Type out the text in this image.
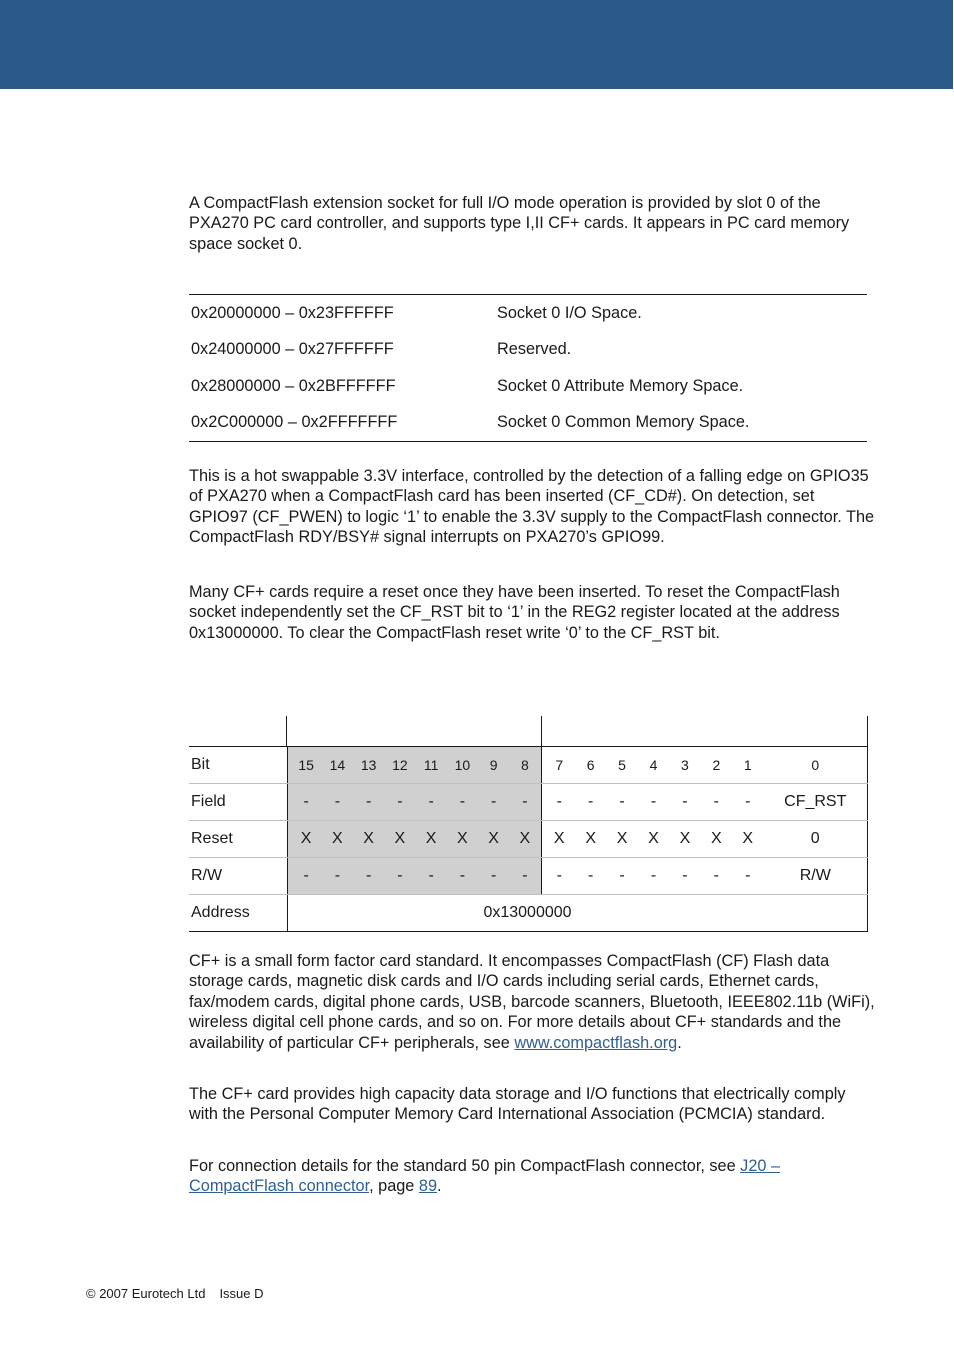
A CompactFlash extension socket for full I/O mode operation is provided by slot 0 of the PXA270 PC card controller, and supports type I,II CF+ cards. It appears in PC card memory space socket 0.

0x20000000 – 0x23FFFFFF	Socket 0 I/O Space.
0x24000000 – 0x27FFFFFF	Reserved.
0x28000000 – 0x2BFFFFFF	Socket 0 Attribute Memory Space.
0x2C000000 – 0x2FFFFFFF	Socket 0 Common Memory Space.

This is a hot swappable 3.3V interface, controlled by the detection of a falling edge on GPIO35 of PXA270 when a CompactFlash card has been inserted (CF_CD#). On detection, set GPIO97 (CF_PWEN) to logic ‘1’ to enable the 3.3V supply to the CompactFlash connector. The CompactFlash RDY/BSY# signal interrupts on PXA270’s GPIO99.

Many CF+ cards require a reset once they have been inserted. To reset the CompactFlash socket independently set the CF_RST bit to ‘1’ in the REG2 register located at the address 0x13000000. To clear the CompactFlash reset write ‘0’ to the CF_RST bit.

Bit	15	14	13	12	11	10	9	8	7	6	5	4	3	2	1	0
Field	-	-	-	-	-	-	-	-	-	-	-	-	-	-	-	CF_RST
Reset	X	X	X	X	X	X	X	X	X	X	X	X	X	X	X	0
R/W	-	-	-	-	-	-	-	-	-	-	-	-	-	-	-	R/W
Address	0x13000000

CF+ is a small form factor card standard. It encompasses CompactFlash (CF) Flash data storage cards, magnetic disk cards and I/O cards including serial cards, Ethernet cards, fax/modem cards, digital phone cards, USB, barcode scanners, Bluetooth, IEEE802.11b (WiFi), wireless digital cell phone cards, and so on. For more details about CF+ standards and the availability of particular CF+ peripherals, see www.compactflash.org.

The CF+ card provides high capacity data storage and I/O functions that electrically comply with the Personal Computer Memory Card International Association (PCMCIA) standard.

For connection details for the standard 50 pin CompactFlash connector, see J20 – CompactFlash connector, page 89.

© 2007 Eurotech Ltd Issue D
